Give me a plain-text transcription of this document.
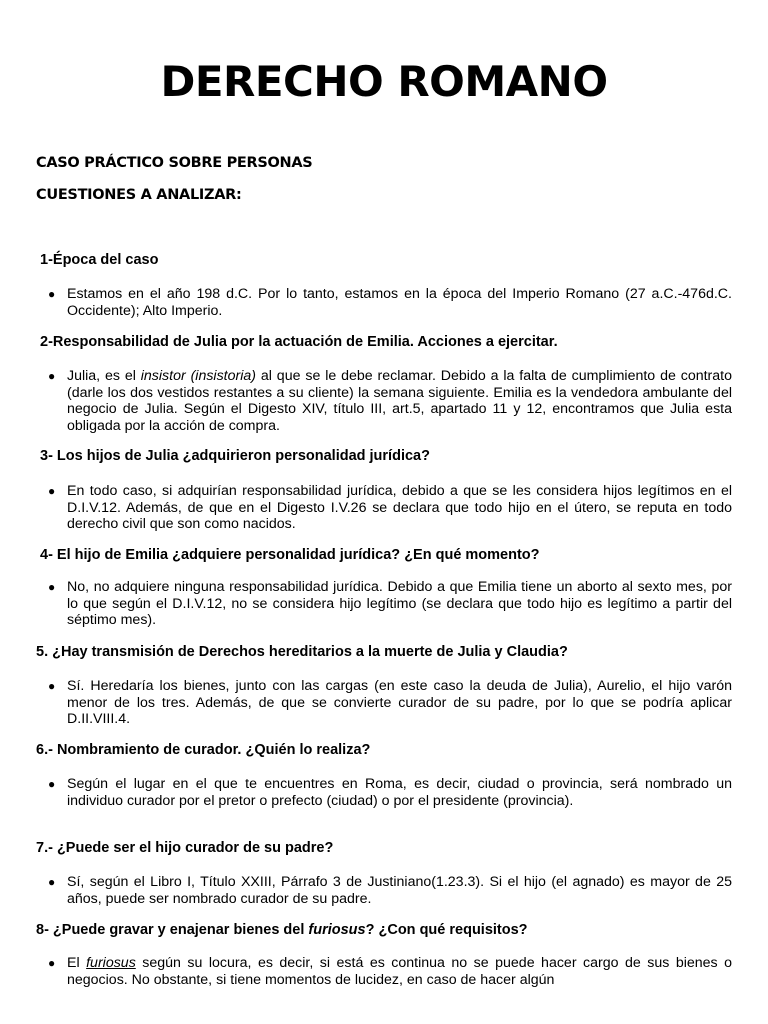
DERECHO ROMANO
CASO PRÁCTICO SOBRE PERSONAS
CUESTIONES A ANALIZAR:
1-Época del caso
● Estamos en el año 198 d.C. Por lo tanto, estamos en la época del Imperio Romano (27 a.C.-476d.C. Occidente); Alto Imperio.
2-Responsabilidad de Julia por la actuación de Emilia. Acciones a ejercitar.
● Julia, es el insistor (insistoria) al que se le debe reclamar. Debido a la falta de cumplimiento de contrato (darle los dos vestidos restantes a su cliente) la semana siguiente. Emilia es la vendedora ambulante del negocio de Julia. Según el Digesto XIV, título III, art.5, apartado 11 y 12, encontramos que Julia esta obligada por la acción de compra.
3- Los hijos de Julia ¿adquirieron personalidad jurídica?
● En todo caso, si adquirían responsabilidad jurídica, debido a que se les considera hijos legítimos en el D.I.V.12. Además, de que en el Digesto I.V.26 se declara que todo hijo en el útero, se reputa en todo derecho civil que son como nacidos.
4- El hijo de Emilia ¿adquiere personalidad jurídica? ¿En qué momento?
● No, no adquiere ninguna responsabilidad jurídica. Debido a que Emilia tiene un aborto al sexto mes, por lo que según el D.I.V.12, no se considera hijo legítimo (se declara que todo hijo es legítimo a partir del séptimo mes).
5. ¿Hay transmisión de Derechos hereditarios a la muerte de Julia y Claudia?
● Sí. Heredaría los bienes, junto con las cargas (en este caso la deuda de Julia), Aurelio, el hijo varón menor de los tres. Además, de que se convierte curador de su padre, por lo que se podría aplicar D.II.VIII.4.
6.- Nombramiento de curador. ¿Quién lo realiza?
● Según el lugar en el que te encuentres en Roma, es decir, ciudad o provincia, será nombrado un individuo curador por el pretor o prefecto (ciudad) o por el presidente (provincia).
7.- ¿Puede ser el hijo curador de su padre?
● Sí, según el Libro I, Título XXIII, Párrafo 3 de Justiniano(1.23.3). Si el hijo (el agnado) es mayor de 25 años, puede ser nombrado curador de su padre.
8- ¿Puede gravar y enajenar bienes del furiosus? ¿Con qué requisitos?
● El furiosus según su locura, es decir, si está es continua no se puede hacer cargo de sus bienes o negocios. No obstante, si tiene momentos de lucidez, en caso de hacer algún
